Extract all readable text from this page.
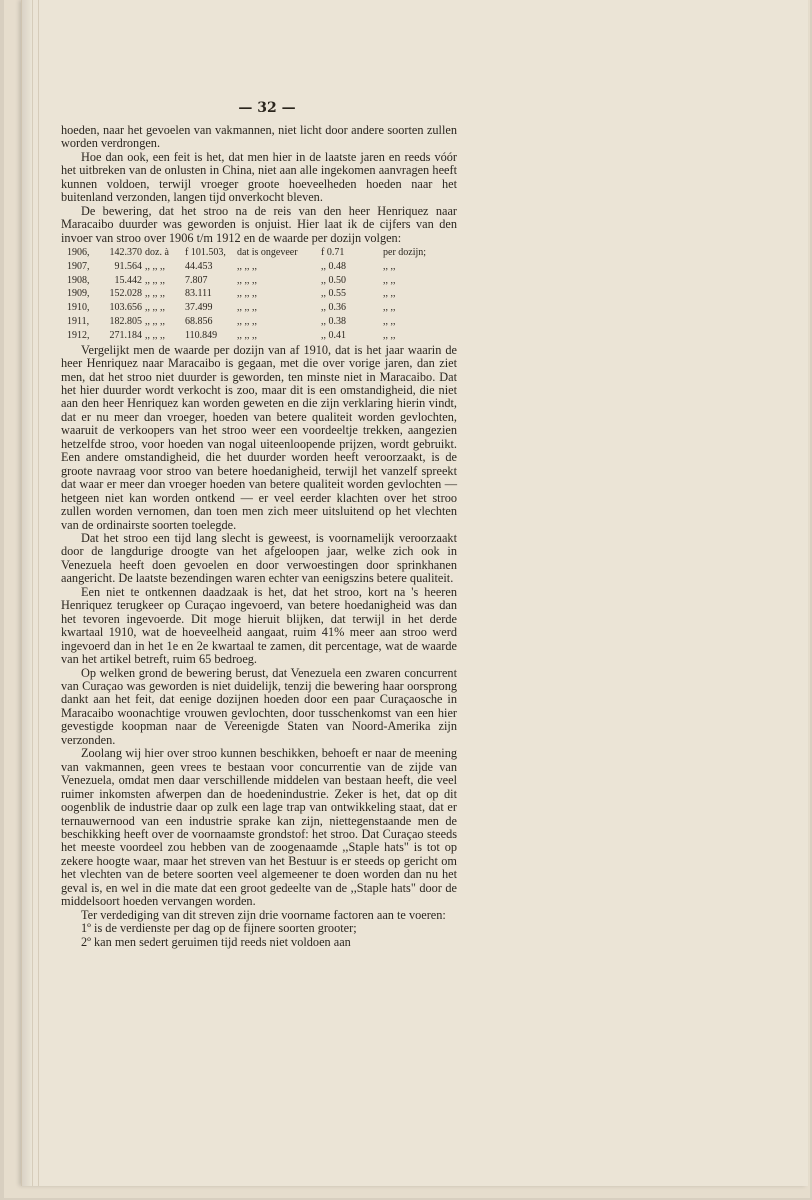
— 32 —

hoeden, naar het gevoelen van vakmannen, niet licht door andere soorten zullen worden verdrongen.

Hoe dan ook, een feit is het, dat men hier in de laatste jaren en reeds vóór het uitbreken van de onlusten in China, niet aan alle ingekomen aanvragen heeft kunnen voldoen, terwijl vroeger groote hoeveelheden hoeden naar het buitenland verzonden, langen tijd onverkocht bleven.

De bewering, dat het stroo na de reis van den heer Henriquez naar Maracaibo duurder was geworden is onjuist. Hier laat ik de cijfers van den invoer van stroo over 1906 t/m 1912 en de waarde per dozijn volgen:

1906,	142.370	doz. à	f 101.503,	dat is ongeveer	f 0.71	per dozijn;
1907,	91.564	,, ,, ,,	44.453	,, ,, ,,	,, 0.48	,, ,,
1908,	15.442	,, ,, ,,	7.807	,, ,, ,,	,, 0.50	,, ,,
1909,	152.028	,, ,, ,,	83.111	,, ,, ,,	,, 0.55	,, ,,
1910,	103.656	,, ,, ,,	37.499	,, ,, ,,	,, 0.36	,, ,,
1911,	182.805	,, ,, ,,	68.856	,, ,, ,,	,, 0.38	,, ,,
1912,	271.184	,, ,, ,,	110.849	,, ,, ,,	,, 0.41	,, ,,

Vergelijkt men de waarde per dozijn van af 1910, dat is het jaar waarin de heer Henriquez naar Maracaibo is gegaan, met die over vorige jaren, dan ziet men, dat het stroo niet duurder is geworden, ten minste niet in Maracaibo. Dat het hier duurder wordt verkocht is zoo, maar dit is een omstandigheid, die niet aan den heer Henriquez kan worden geweten en die zijn verklaring hierin vindt, dat er nu meer dan vroeger, hoeden van betere qualiteit worden gevlochten, waaruit de verkoopers van het stroo weer een voordeeltje trekken, aangezien hetzelfde stroo, voor hoeden van nogal uiteenloopende prijzen, wordt gebruikt. Een andere omstandigheid, die het duurder worden heeft veroorzaakt, is de groote navraag voor stroo van betere hoedanigheid, terwijl het vanzelf spreekt dat waar er meer dan vroeger hoeden van betere qualiteit worden gevlochten — hetgeen niet kan worden ontkend — er veel eerder klachten over het stroo zullen worden vernomen, dan toen men zich meer uitsluitend op het vlechten van de ordinairste soorten toelegde.

Dat het stroo een tijd lang slecht is geweest, is voornamelijk veroorzaakt door de langdurige droogte van het afgeloopen jaar, welke zich ook in Venezuela heeft doen gevoelen en door verwoestingen door sprinkhanen aangericht. De laatste bezendingen waren echter van eenigszins betere qualiteit.

Een niet te ontkennen daadzaak is het, dat het stroo, kort na 's heeren Henriquez terugkeer op Curaçao ingevoerd, van betere hoedanigheid was dan het tevoren ingevoerde. Dit moge hieruit blijken, dat terwijl in het derde kwartaal 1910, wat de hoeveelheid aangaat, ruim 41% meer aan stroo werd ingevoerd dan in het 1e en 2e kwartaal te zamen, dit percentage, wat de waarde van het artikel betreft, ruim 65 bedroeg.

Op welken grond de bewering berust, dat Venezuela een zwaren concurrent van Curaçao was geworden is niet duidelijk, tenzij die bewering haar oorsprong dankt aan het feit, dat eenige dozijnen hoeden door een paar Curaçaosche in Maracaibo woonachtige vrouwen gevlochten, door tusschenkomst van een hier gevestigde koopman naar de Vereenigde Staten van Noord-Amerika zijn verzonden.

Zoolang wij hier over stroo kunnen beschikken, behoeft er naar de meening van vakmannen, geen vrees te bestaan voor concurrentie van de zijde van Venezuela, omdat men daar verschillende middelen van bestaan heeft, die veel ruimer inkomsten afwerpen dan de hoedenindustrie. Zeker is het, dat op dit oogenblik de industrie daar op zulk een lage trap van ontwikkeling staat, dat er ternauwernood van een industrie sprake kan zijn, niettegenstaande men de beschikking heeft over de voornaamste grondstof: het stroo. Dat Curaçao steeds het meeste voordeel zou hebben van de zoogenaamde ,,Staple hats" is tot op zekere hoogte waar, maar het streven van het Bestuur is er steeds op gericht om het vlechten van de betere soorten veel algemeener te doen worden dan nu het geval is, en wel in die mate dat een groot gedeelte van de ,,Staple hats" door de middelsoort hoeden vervangen worden.

Ter verdediging van dit streven zijn drie voorname factoren aan te voeren:

1º is de verdienste per dag op de fijnere soorten grooter;

2º kan men sedert geruimen tijd reeds niet voldoen aan
